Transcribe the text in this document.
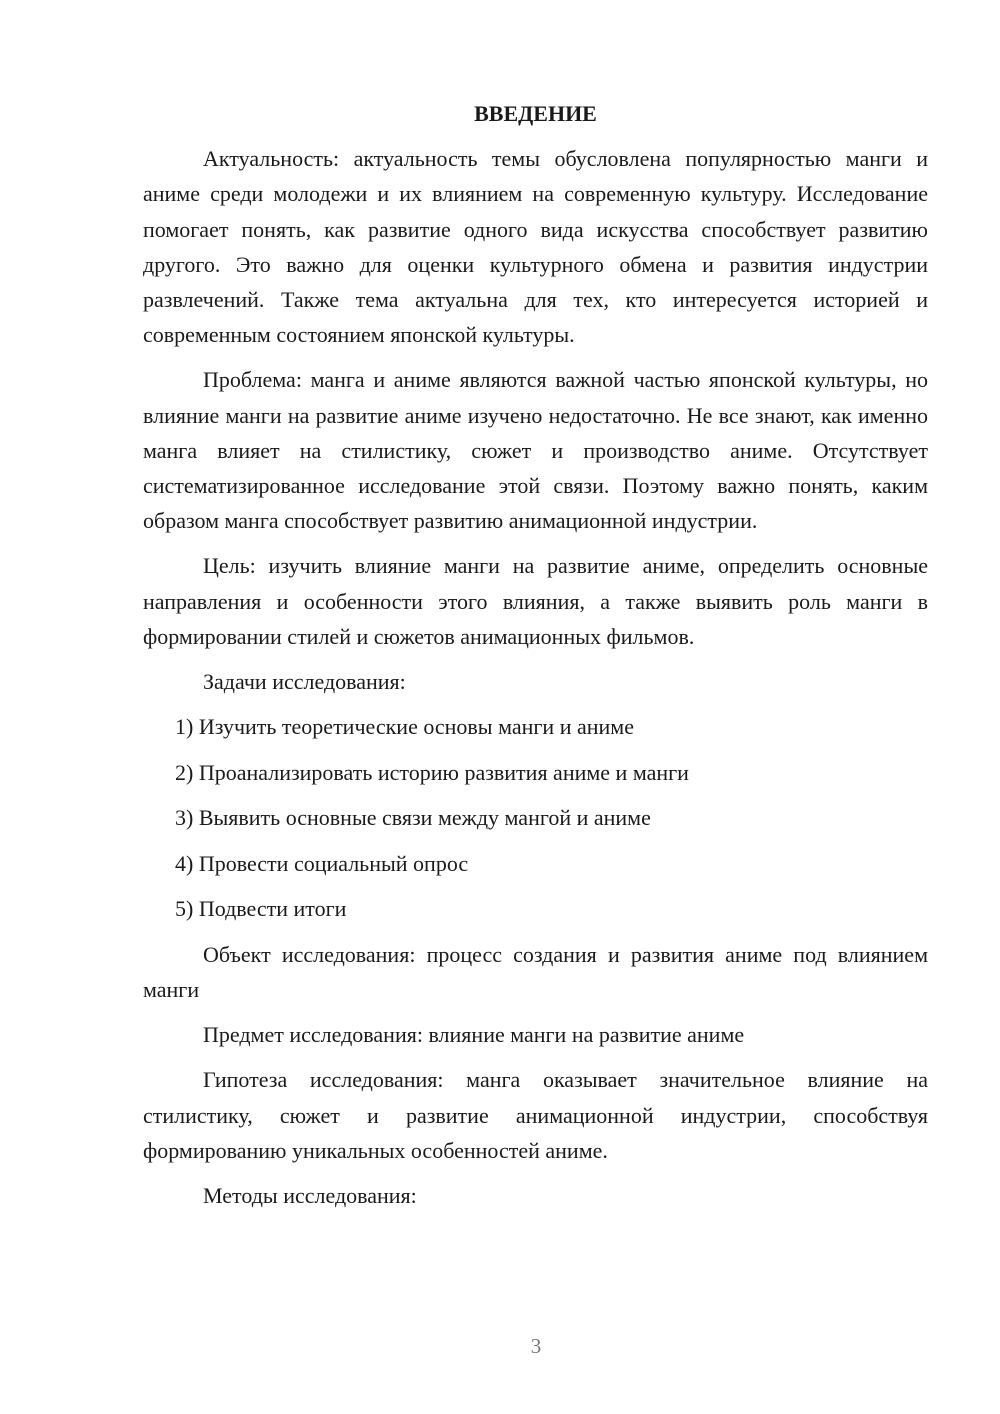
ВВЕДЕНИЕ

Актуальность: актуальность темы обусловлена популярностью манги и аниме среди молодежи и их влиянием на современную культуру. Исследование помогает понять, как развитие одного вида искусства способствует развитию другого. Это важно для оценки культурного обмена и развития индустрии развлечений. Также тема актуальна для тех, кто интересуется историей и современным состоянием японской культуры.

Проблема: манга и аниме являются важной частью японской культуры, но влияние манги на развитие аниме изучено недостаточно. Не все знают, как именно манга влияет на стилистику, сюжет и производство аниме. Отсутствует систематизированное исследование этой связи. Поэтому важно понять, каким образом манга способствует развитию анимационной индустрии.

Цель: изучить влияние манги на развитие аниме, определить основные направления и особенности этого влияния, а также выявить роль манги в формировании стилей и сюжетов анимационных фильмов.

Задачи исследования:

1) Изучить теоретические основы манги и аниме
2) Проанализировать историю развития аниме и манги
3) Выявить основные связи между мангой и аниме
4) Провести социальный опрос
5) Подвести итоги

Объект исследования: процесс создания и развития аниме под влиянием манги

Предмет исследования: влияние манги на развитие аниме

Гипотеза исследования: манга оказывает значительное влияние на стилистику, сюжет и развитие анимационной индустрии, способствуя формированию уникальных особенностей аниме.

Методы исследования:

3
